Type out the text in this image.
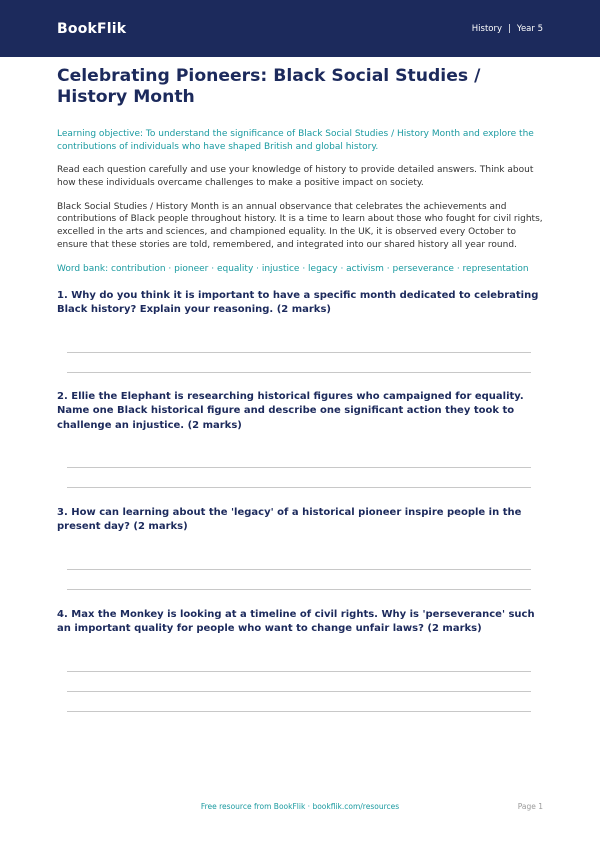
BookFlik	History | Year 5
Celebrating Pioneers: Black Social Studies / History Month

Learning objective: To understand the significance of Black Social Studies / History Month and explore the contributions of individuals who have shaped British and global history.

Read each question carefully and use your knowledge of history to provide detailed answers. Think about how these individuals overcame challenges to make a positive impact on society.

Black Social Studies / History Month is an annual observance that celebrates the achievements and contributions of Black people throughout history. It is a time to learn about those who fought for civil rights, excelled in the arts and sciences, and championed equality. In the UK, it is observed every October to ensure that these stories are told, remembered, and integrated into our shared history all year round.

Word bank: contribution · pioneer · equality · injustice · legacy · activism · perseverance · representation

1. Why do you think it is important to have a specific month dedicated to celebrating Black history? Explain your reasoning. (2 marks)
2. Ellie the Elephant is researching historical figures who campaigned for equality. Name one Black historical figure and describe one significant action they took to challenge an injustice. (2 marks)
3. How can learning about the 'legacy' of a historical pioneer inspire people in the present day? (2 marks)
4. Max the Monkey is looking at a timeline of civil rights. Why is 'perseverance' such an important quality for people who want to change unfair laws? (2 marks)
Free resource from BookFlik · bookflik.com/resources	Page 1
